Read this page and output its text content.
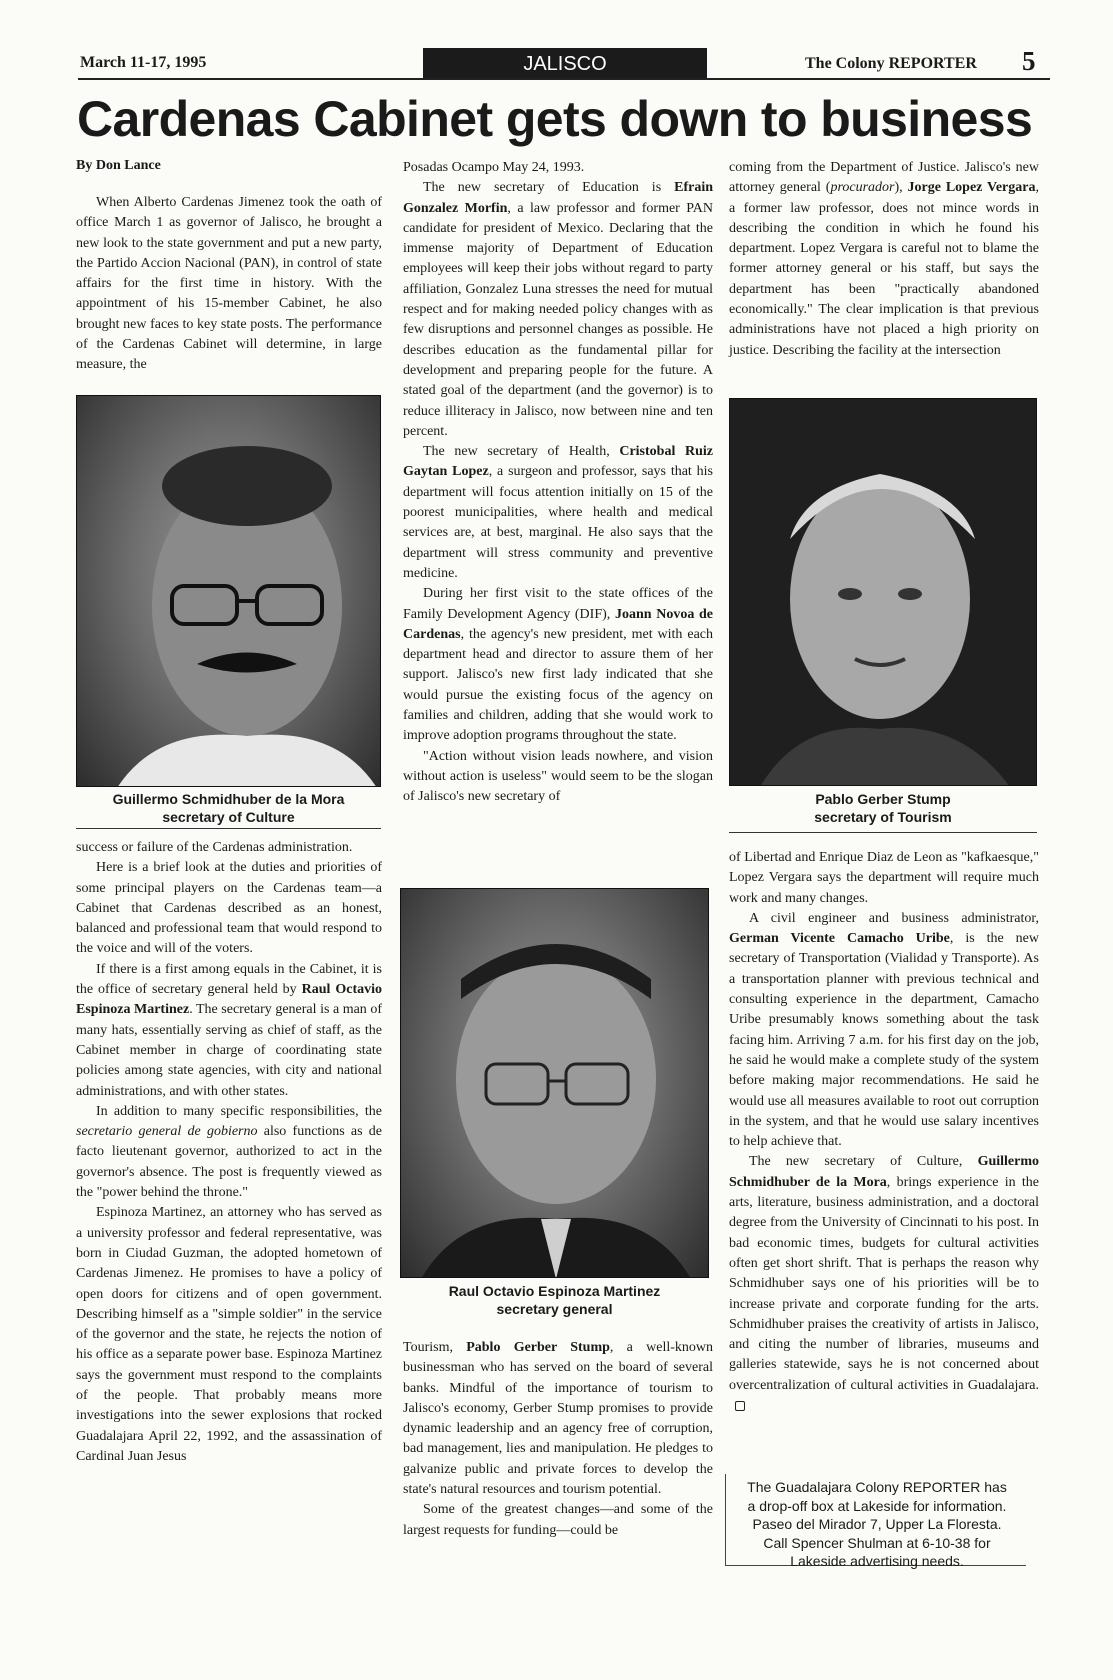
March 11-17, 1995	JALISCO	The Colony REPORTER 5
Cardenas Cabinet gets down to business
By Don Lance

When Alberto Cardenas Jimenez took the oath of office March 1 as governor of Jalisco, he brought a new look to the state government and put a new party, the Partido Accion Nacional (PAN), in control of state affairs for the first time in history. With the appointment of his 15-member Cabinet, he also brought new faces to key state posts. The performance of the Cardenas Cabinet will determine, in large measure, the

Guillermo Schmidhuber de la Mora
secretary of Culture

success or failure of the Cardenas administration.

Here is a brief look at the duties and priorities of some principal players on the Cardenas team—a Cabinet that Cardenas described as an honest, balanced and professional team that would respond to the voice and will of the voters.

If there is a first among equals in the Cabinet, it is the office of secretary general held by Raul Octavio Espinoza Martinez. The secretary general is a man of many hats, essentially serving as chief of staff, as the Cabinet member in charge of coordinating state policies among state agencies, with city and national administrations, and with other states.

In addition to many specific responsibilities, the secretario general de gobierno also functions as de facto lieutenant governor, authorized to act in the governor's absence. The post is frequently viewed as the "power behind the throne."

Espinoza Martinez, an attorney who has served as a university professor and federal representative, was born in Ciudad Guzman, the adopted hometown of Cardenas Jimenez. He promises to have a policy of open doors for citizens and of open government. Describing himself as a "simple soldier" in the service of the governor and the state, he rejects the notion of his office as a separate power base. Espinoza Martinez says the government must respond to the complaints of the people. That probably means more investigations into the sewer explosions that rocked Guadalajara April 22, 1992, and the assassination of Cardinal Juan Jesus

Posadas Ocampo May 24, 1993.

The new secretary of Education is Efrain Gonzalez Morfin, a law professor and former PAN candidate for president of Mexico. Declaring that the immense majority of Department of Education employees will keep their jobs without regard to party affiliation, Gonzalez Luna stresses the need for mutual respect and for making needed policy changes with as few disruptions and personnel changes as possible. He describes education as the fundamental pillar for development and preparing people for the future. A stated goal of the department (and the governor) is to reduce illiteracy in Jalisco, now between nine and ten percent.

The new secretary of Health, Cristobal Ruiz Gaytan Lopez, a surgeon and professor, says that his department will focus attention initially on 15 of the poorest municipalities, where health and medical services are, at best, marginal. He also says that the department will stress community and preventive medicine.

During her first visit to the state offices of the Family Development Agency (DIF), Joann Novoa de Cardenas, the agency's new president, met with each department head and director to assure them of her support. Jalisco's new first lady indicated that she would pursue the existing focus of the agency on families and children, adding that she would work to improve adoption programs throughout the state.

"Action without vision leads nowhere, and vision without action is useless" would seem to be the slogan of Jalisco's new secretary of

Raul Octavio Espinoza Martinez
secretary general

Tourism, Pablo Gerber Stump, a well-known businessman who has served on the board of several banks. Mindful of the importance of tourism to Jalisco's economy, Gerber Stump promises to provide dynamic leadership and an agency free of corruption, bad management, lies and manipulation. He pledges to galvanize public and private forces to develop the state's natural resources and tourism potential.

Some of the greatest changes—and some of the largest requests for funding—could be

coming from the Department of Justice. Jalisco's new attorney general (procurador), Jorge Lopez Vergara, a former law professor, does not mince words in describing the condition in which he found his department. Lopez Vergara is careful not to blame the former attorney general or his staff, but says the department has been "practically abandoned economically." The clear implication is that previous administrations have not placed a high priority on justice. Describing the facility at the intersection

Pablo Gerber Stump
secretary of Tourism

of Libertad and Enrique Diaz de Leon as "kafkaesque," Lopez Vergara says the department will require much work and many changes.

A civil engineer and business administrator, German Vicente Camacho Uribe, is the new secretary of Transportation (Vialidad y Transporte). As a transportation planner with previous technical and consulting experience in the department, Camacho Uribe presumably knows something about the task facing him. Arriving 7 a.m. for his first day on the job, he said he would make a complete study of the system before making major recommendations. He said he would use all measures available to root out corruption in the system, and that he would use salary incentives to help achieve that.

The new secretary of Culture, Guillermo Schmidhuber de la Mora, brings experience in the arts, literature, business administration, and a doctoral degree from the University of Cincinnati to his post. In bad economic times, budgets for cultural activities often get short shrift. That is perhaps the reason why Schmidhuber says one of his priorities will be to increase private and corporate funding for the arts. Schmidhuber praises the creativity of artists in Jalisco, and citing the number of libraries, museums and galleries statewide, says he is not concerned about overcentralization of cultural activities in Guadalajara.

The Guadalajara Colony REPORTER has
a drop-off box at Lakeside for information.
Paseo del Mirador 7, Upper La Floresta.
Call Spencer Shulman at 6-10-38 for
Lakeside advertising needs.
